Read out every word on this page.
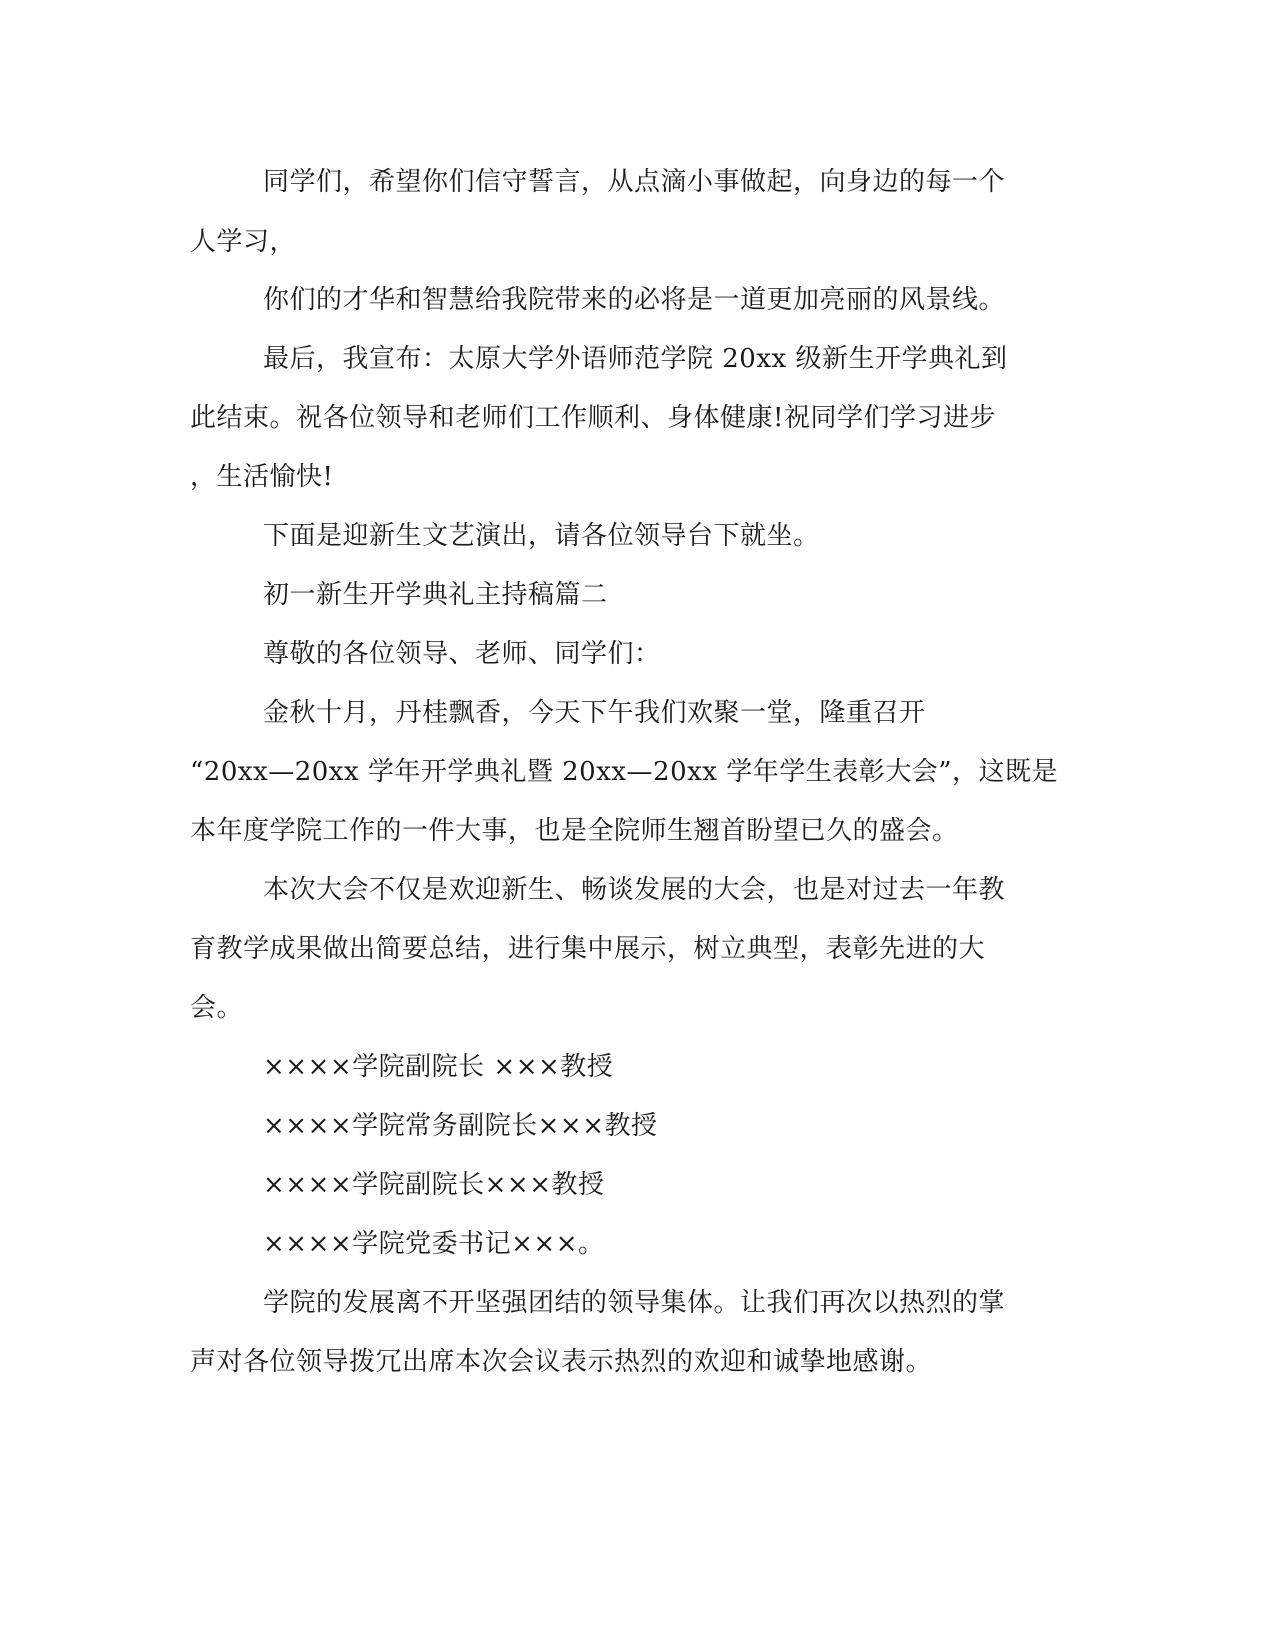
同学们，希望你们信守誓言，从点滴小事做起，向身边的每一个
人学习，
你们的才华和智慧给我院带来的必将是一道更加亮丽的风景线。
最后，我宣布：太原大学外语师范学院 20xx 级新生开学典礼到
此结束。祝各位领导和老师们工作顺利、身体健康!祝同学们学习进步
，生活愉快!
下面是迎新生文艺演出，请各位领导台下就坐。
初一新生开学典礼主持稿篇二
尊敬的各位领导、老师、同学们：
金秋十月，丹桂飘香，今天下午我们欢聚一堂，隆重召开
“20xx—20xx 学年开学典礼暨 20xx—20xx 学年学生表彰大会”，这既是
本年度学院工作的一件大事，也是全院师生翘首盼望已久的盛会。
本次大会不仅是欢迎新生、畅谈发展的大会，也是对过去一年教
育教学成果做出简要总结，进行集中展示，树立典型，表彰先进的大
会。
××××学院副院长 ×××教授
××××学院常务副院长×××教授
××××学院副院长×××教授
××××学院党委书记×××。
学院的发展离不开坚强团结的领导集体。让我们再次以热烈的掌
声对各位领导拨冗出席本次会议表示热烈的欢迎和诚挚地感谢。
